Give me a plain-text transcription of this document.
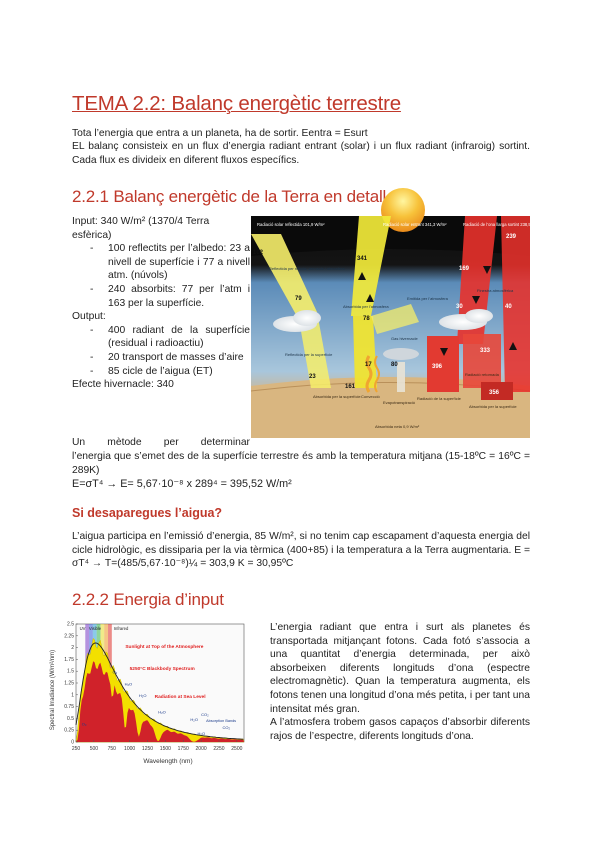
TEMA 2.2: Balanç energètic terrestre

Tota l’energia que entra a un planeta, ha de sortir. Eentra = Esurt

EL balanç consisteix en un flux d’energia radiant entrant (solar) i un flux radiant (infraroig) sortint. Cada flux es divideix en diferent fluxos específics.

2.2.1 Balanç energètic de la Terra en detall
Input: 340 W/m² (1370/4 Terra esfèrica)
- 100 reflectits per l’albedo: 23 a nivell de superfície i 77 a nivell atm. (núvols)
- 240 absorbits: 77 per l’atm i 163 per la superfície.
Output:
- 400 radiant de la superfície (residual i radioactiu)
- 20 transport de masses d’aire
- 85 cicle de l’aigua (ET)
Efecte hivernacle: 340
Radiació solar reflectida 101,9 W/m²	Radiació solar entrant 341,3 W/m²	Radiació de l’ona llarga sortint 238,5 W/m²
Reflectida per núvols, aerosols i atmosfera
Absorbida per l’atmosfera
Emitida per l’atmosfera
Finestra atmosfèrica
Gas hivernacle
Reflectida per la superfície
Absorbida per la superfície Convecció
Evapotranspiració
Radiació de la superfície
Radiació retornada
Absorbida per la superfície
Absorbida neta 0,9 W/m²
102
341
239
79
78
169
30	40
23
161
17	80	396
333
356

Un mètode per determinar

l’energia que s’emet des de la superfície terrestre és amb la temperatura mitjana (15-18ºC = 16ºC = 289K)

E=σT⁴ → E= 5,67·10⁻⁸ x 289⁴ = 395,52 W/m²

Si desaparegues l’aigua?

L’aigua participa en l’emissió d’energia, 85 W/m², si no tenim cap escapament d’aquesta energia del cicle hidrològic, es dissiparia per la via tèrmica (400+85) i la temperatura a la Terra augmentaria. E = σT⁴ → T=(485/5,67·10⁻⁸)¼ = 303,9 K = 30,95ºC

2.2.2 Energia d’input
Spectral Irradiance (W/m²/nm)
UV Visible	Infrared
Sunlight at Top of the Atmosphere
5250°C Blackbody Spectrum
Radiation at Sea Level
Absorption Bands
O₂
H₂O
H₂O
H₂O
H₂O
CO₂
H₂O
CO₂
O₃
0
0.25
0.5
0.75
1
1.25
1.5
1.75
2
2.25
2.5
250 500 750 1000 1250 1500 1750 2000 2250 2500
Wavelength (nm)

L’energia radiant que entra i surt als planetes és transportada mitjançant fotons. Cada fotó s’associa a una quantitat d’energia determinada, per això absorbeixen diferents longituds d’ona (espectre electromagnètic). Quan la temperatura augmenta, els fotons tenen una longitud d’ona més petita, i per tant una intensitat més gran.

A l’atmosfera trobem gasos capaços d’absorbir diferents rajos de l’espectre, diferents longituds d’ona.
